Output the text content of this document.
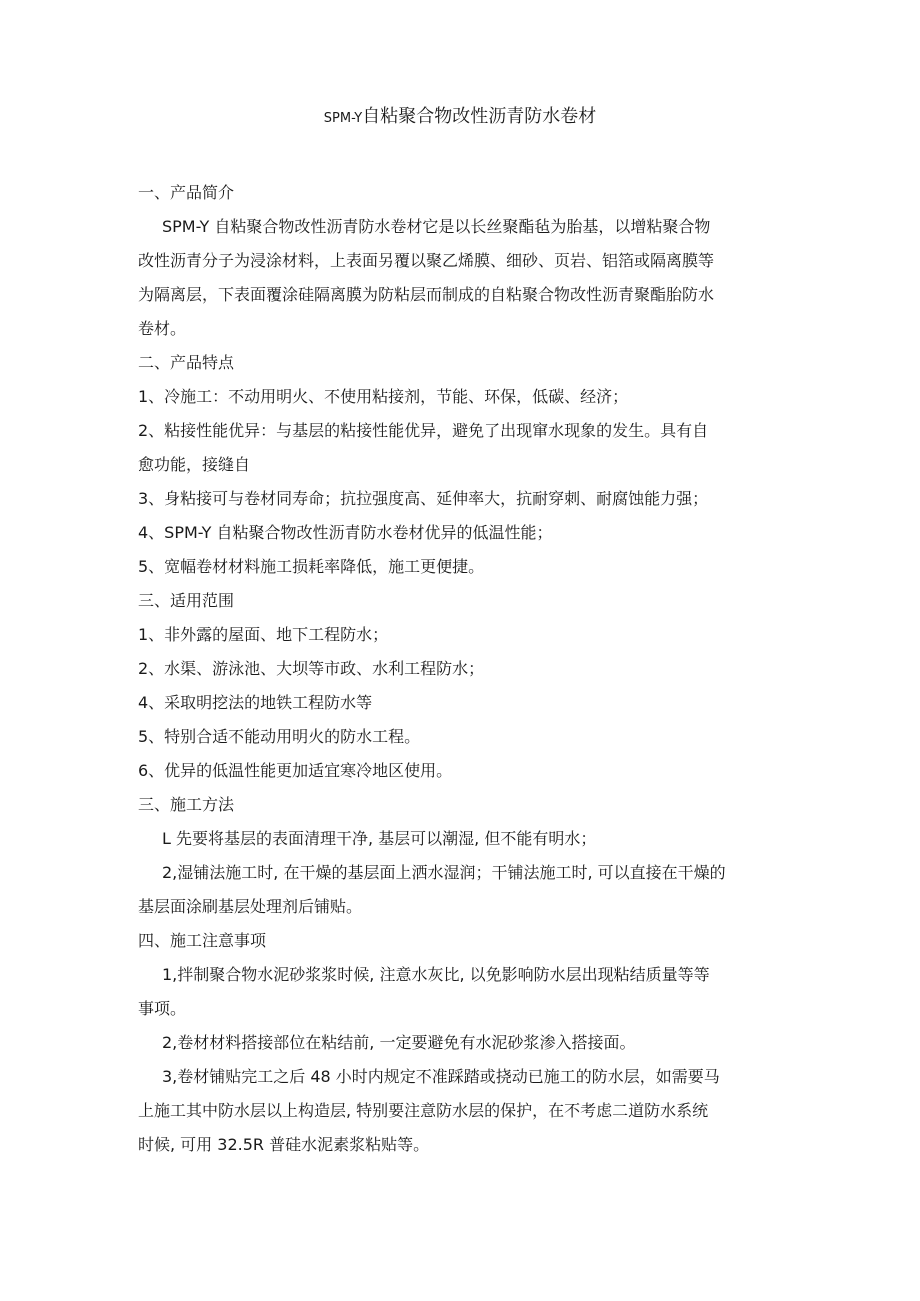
SPM-Y自粘聚合物改性沥青防水卷材
一、产品简介
SPM-Y 自粘聚合物改性沥青防水卷材它是以长丝聚酯毡为胎基，以增粘聚合物
改性沥青分子为浸涂材料，上表面另覆以聚乙烯膜、细砂、页岩、铝箔或隔离膜等
为隔离层，下表面覆涂硅隔离膜为防粘层而制成的自粘聚合物改性沥青聚酯胎防水
卷材。
二、产品特点
1、冷施工：不动用明火、不使用粘接剂，节能、环保，低碳、经济；
2、粘接性能优异：与基层的粘接性能优异，避免了出现窜水现象的发生。具有自
愈功能，接缝自
3、身粘接可与卷材同寿命；抗拉强度高、延伸率大，抗耐穿刺、耐腐蚀能力强；
4、SPM-Y 自粘聚合物改性沥青防水卷材优异的低温性能；
5、宽幅卷材材料施工损耗率降低，施工更便捷。
三、适用范围
1、非外露的屋面、地下工程防水；
2、水渠、游泳池、大坝等市政、水利工程防水；
4、采取明挖法的地铁工程防水等
5、特别合适不能动用明火的防水工程。
6、优异的低温性能更加适宜寒冷地区使用。
三、施工方法
L 先要将基层的表面清理干净, 基层可以潮湿, 但不能有明水；
2,湿铺法施工时, 在干燥的基层面上洒水湿润；干铺法施工时, 可以直接在干燥的
基层面涂刷基层处理剂后铺贴。
四、施工注意事项
1,拌制聚合物水泥砂浆浆时候, 注意水灰比, 以免影响防水层出现粘结质量等等
事项。
2,卷材材料搭接部位在粘结前, 一定要避免有水泥砂浆渗入搭接面。
3,卷材铺贴完工之后 48 小时内规定不准踩踏或挠动已施工的防水层，如需要马
上施工其中防水层以上构造层, 特别要注意防水层的保护，在不考虑二道防水系统
时候, 可用 32.5R 普硅水泥素浆粘贴等。
